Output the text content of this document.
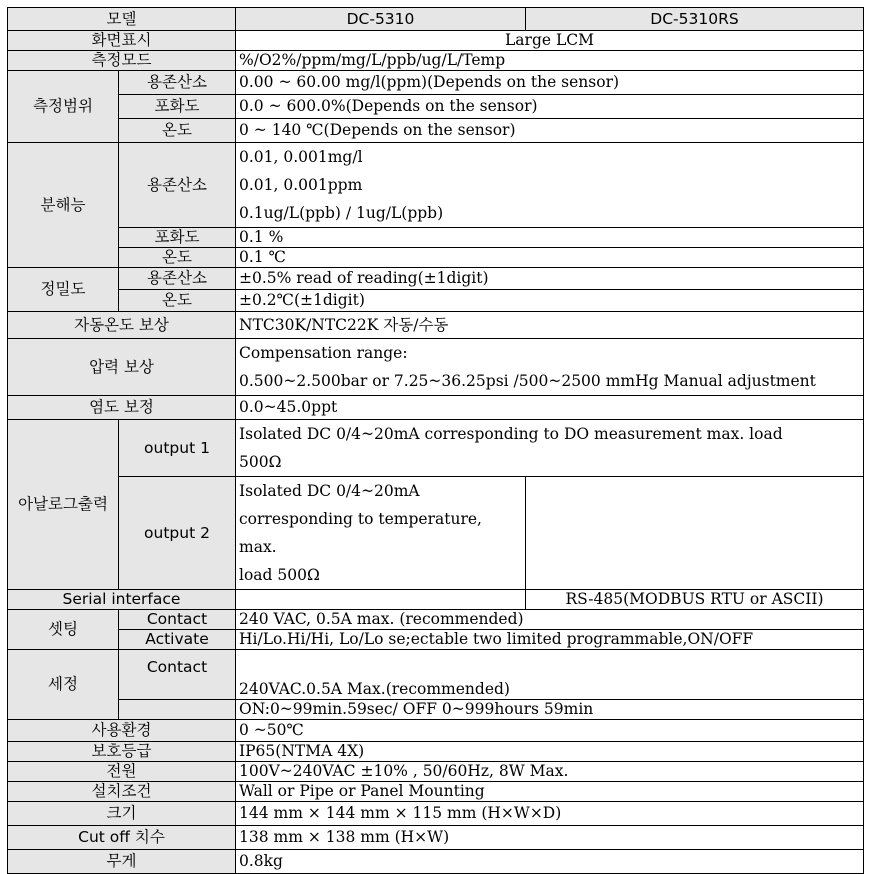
모델		DC-5310	DC-5310RS
화면표시		Large LCM	
측정모드		%/O2%/ppm/mg/L/ppb/ug/L/Temp	
측정범위	용존산소	0.00 ~ 60.00 mg/l(ppm)(Depends on the sensor)	
	포화도	0.0 ~ 600.0%(Depends on the sensor)	
	온도	0 ~ 140 ℃(Depends on the sensor)	
분해능	용존산소	0.01, 0.001mg/l
0.01, 0.001ppm
0.1ug/L(ppb) / 1ug/L(ppb)	

	포화도	0.1 %	
	온도	0.1 ℃	
정밀도	용존산소	±0.5% read of reading(±1digit)	
	온도	±0.2℃(±1digit)	
자동온도 보상		NTC30K/NTC22K 자동/수동	
압력 보상		Compensation range:
0.500~2.500bar or 7.25~36.25psi /500~2500 mmHg Manual adjustment	

염도 보정		0.0~45.0ppt	
아날로그출력	output 1	Isolated DC 0/4~20mA corresponding to DO measurement max. load
500Ω	

	output 2	Isolated DC 0/4~20mA
corresponding to temperature,
max.
load 500Ω	

Serial interface			RS-485(MODBUS RTU or ASCII)
셋팅	Contact	240 VAC, 0.5A max. (recommended)	
	Activate	Hi/Lo.Hi/Hi, Lo/Lo se;ectable two limited programmable,ON/OFF	
세정	Contact	240VAC.0.5A Max.(recommended)	
		ON:0~99min.59sec/ OFF 0~999hours 59min	
사용환경		0 ~50℃	
보호등급		IP65(NTMA 4X)	
전원		100V~240VAC ±10% , 50/60Hz, 8W Max.	
설치조건		Wall or Pipe or Panel Mounting	
크기		144 mm × 144 mm × 115 mm (H×W×D)	
Cut off 치수		138 mm × 138 mm (H×W)	
무게		0.8kg	
